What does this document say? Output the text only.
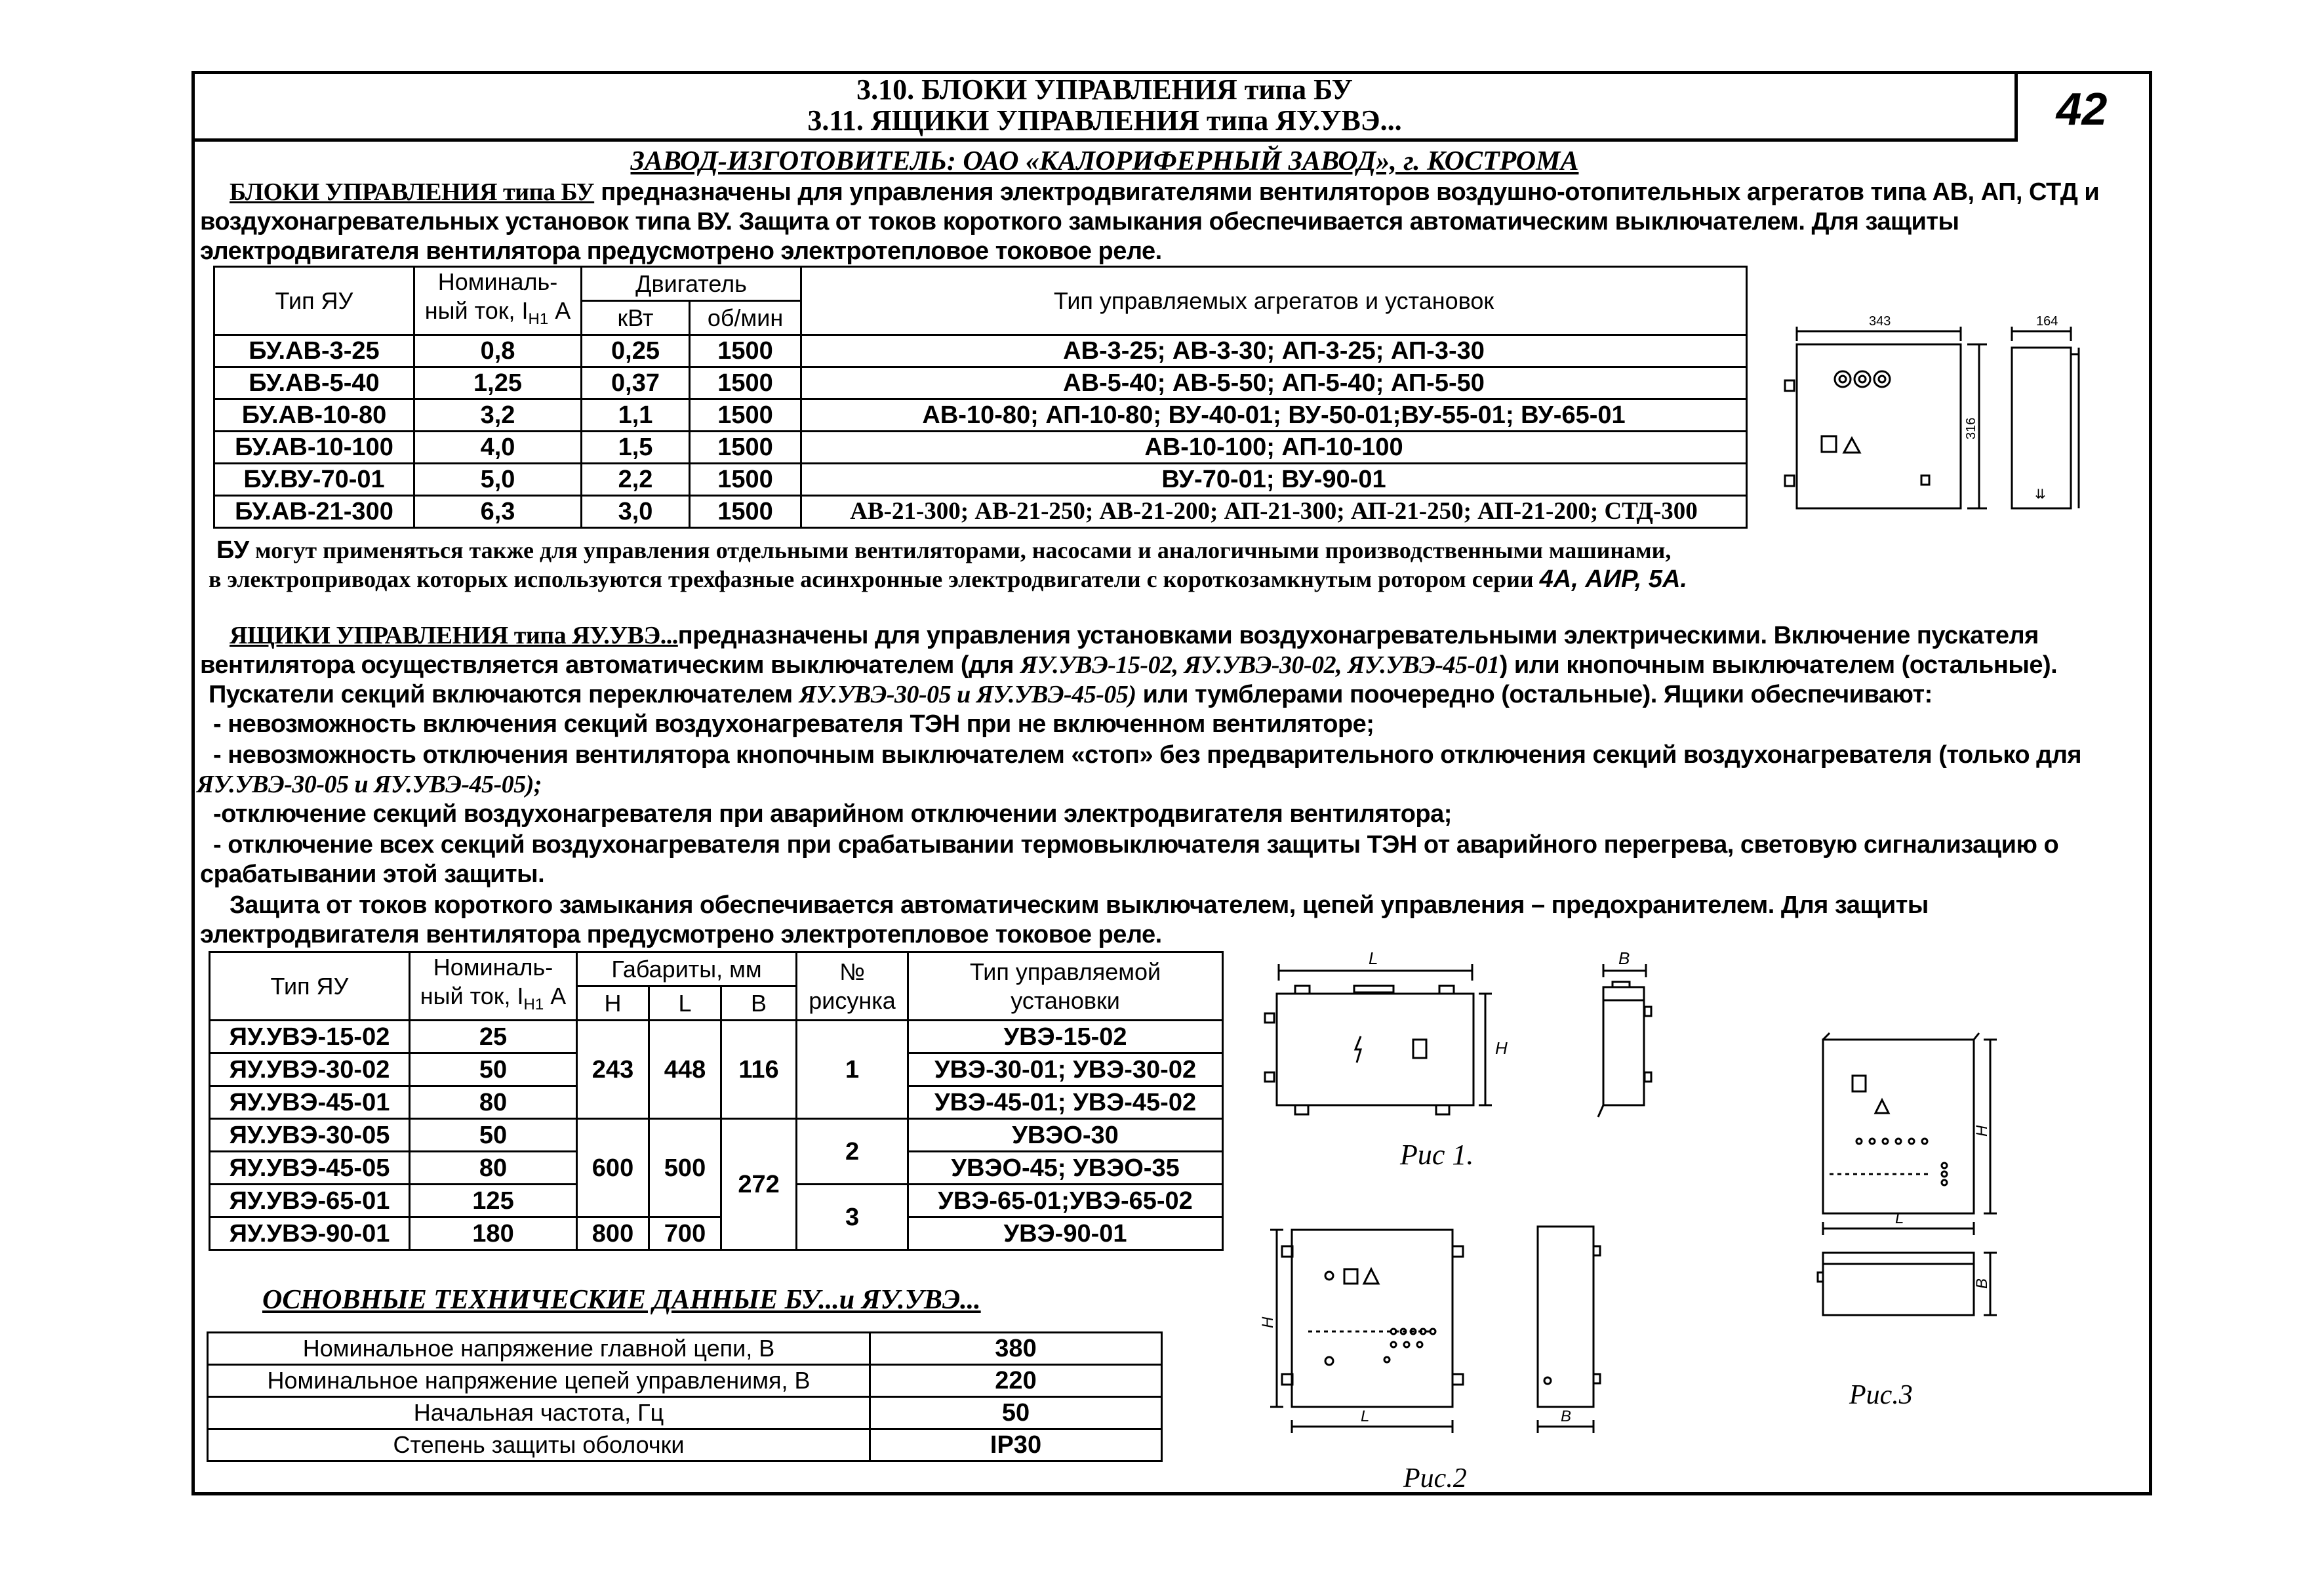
3.10. БЛОКИ УПРАВЛЕНИЯ типа БУ
3.11. ЯЩИКИ УПРАВЛЕНИЯ типа ЯУ.УВЭ...	42
ЗАВОД-ИЗГОТОВИТЕЛЬ: ОАО «КАЛОРИФЕРНЫЙ ЗАВОД», г. КОСТРОМА
БЛОКИ УПРАВЛЕНИЯ типа БУ предназначены для управления электродвигателями вентиляторов воздушно-отопительных агрегатов типа АВ, АП, СТД и
воздухонагревательных установок типа ВУ. Защита от токов короткого замыкания обеспечивается автоматическим выключателем. Для защиты
электродвигателя вентилятора предусмотрено электротепловое токовое реле.
Тип ЯУ	Номиналь-
ный ток, $I_{Н1}$ А	Двигатель		Тип управляемых агрегатов и установок
		кВт	об/мин	
БУ.АВ-3-25	0,8	0,25	1500	АВ-3-25; АВ-3-30; АП-3-25; АП-3-30
БУ.АВ-5-40	1,25	0,37	1500	АВ-5-40; АВ-5-50; АП-5-40; АП-5-50
БУ.АВ-10-80	3,2	1,1	1500	АВ-10-80; АП-10-80; ВУ-40-01; ВУ-50-01;ВУ-55-01; ВУ-65-01
БУ.АВ-10-100	4,0	1,5	1500	АВ-10-100; АП-10-100
БУ.ВУ-70-01	5,0	2,2	1500	ВУ-70-01; ВУ-90-01
БУ.АВ-21-300	6,3	3,0	1500	АВ-21-300; АВ-21-250; АВ-21-200; АП-21-300; АП-21-250; АП-21-200; СТД-300
343	164
316
⇊
БУ могут применяться также для управления отдельными вентиляторами, насосами и аналогичными производственными машинами,
в электроприводах которых используются трехфазные асинхронные электродвигатели с короткозамкнутым ротором серии 4А, АИР, 5А.
ЯЩИКИ УПРАВЛЕНИЯ типа ЯУ.УВЭ...предназначены для управления установками воздухонагревательными электрическими. Включение пускателя
вентилятора осуществляется автоматическим выключателем (для ЯУ.УВЭ-15-02, ЯУ.УВЭ-30-02, ЯУ.УВЭ-45-01) или кнопочным выключателем (остальные).
Пускатели секций включаются переключателем ЯУ.УВЭ-30-05 и ЯУ.УВЭ-45-05) или тумблерами поочередно (остальные). Ящики обеспечивают:
- невозможность включения секций воздухонагревателя ТЭН при не включенном вентиляторе;
- невозможность отключения вентилятора кнопочным выключателем «стоп» без предварительного отключения секций воздухонагревателя (только для
ЯУ.УВЭ-30-05 и ЯУ.УВЭ-45-05);
-отключение секций воздухонагревателя при аварийном отключении электродвигателя вентилятора;
- отключение всех секций воздухонагревателя при срабатывании термовыключателя защиты ТЭН от аварийного перегрева, световую сигнализацию о
срабатывании этой защиты.
Защита от токов короткого замыкания обеспечивается автоматическим выключателем, цепей управления – предохранителем. Для защиты
электродвигателя вентилятора предусмотрено электротепловое токовое реле.
Тип ЯУ	Номиналь-
ный ток, $I_{Н1}$ А	Габариты, мм			№
рисунка	Тип управляемой
установки
		Н	L	В		
ЯУ.УВЭ-15-02	25	243	448	116	1	УВЭ-15-02
ЯУ.УВЭ-30-02	50					УВЭ-30-01; УВЭ-30-02
ЯУ.УВЭ-45-01	80					УВЭ-45-01; УВЭ-45-02
ЯУ.УВЭ-30-05	50	600	500	272	2	УВЭО-30
ЯУ.УВЭ-45-05	80					УВЭО-45; УВЭО-35
ЯУ.УВЭ-65-01	125				3	УВЭ-65-01;УВЭ-65-02
ЯУ.УВЭ-90-01	180	800	700			УВЭ-90-01
ОСНОВНЫЕ ТЕХНИЧЕСКИЕ ДАННЫЕ БУ...и ЯУ.УВЭ...
Номинальное напряжение главной цепи, В	380
Номинальное напряжение цепей управленимя, В	220
Начальная частота, Гц	50
Степень защиты оболочки	IP30
L
H
B
Рис 1.
H
L	B
Рис.2
H
L
B
Рис.3
